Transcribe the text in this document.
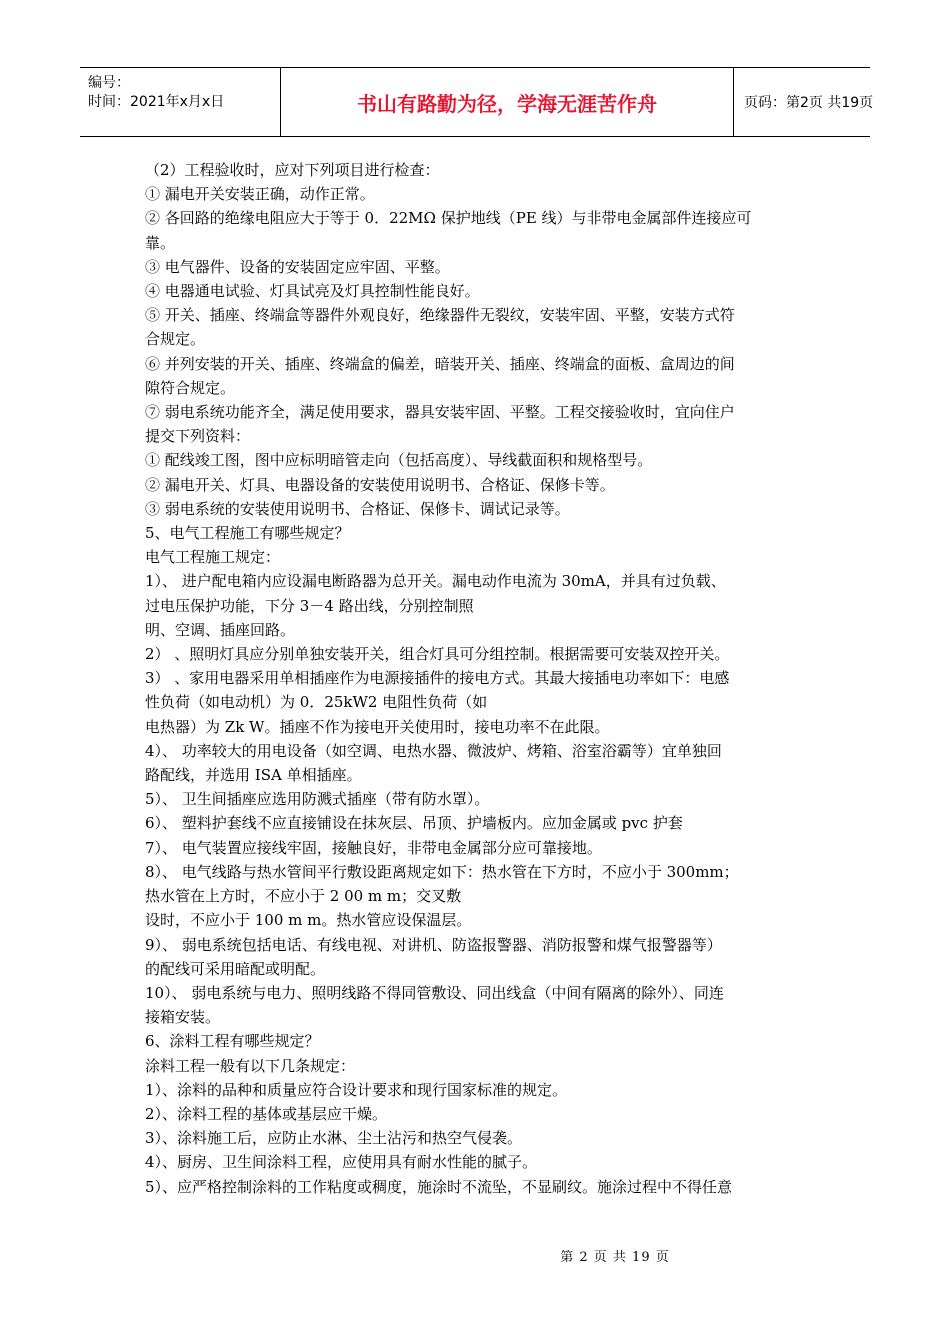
编号：
时间：2021年x月x日	书山有路勤为径，学海无涯苦作舟	页码：第2页 共19页

（2）工程验收时，应对下列项目进行检查：

① 漏电开关安装正确，动作正常。

② 各回路的绝缘电阻应大于等于 0．22MΩ 保护地线（PE 线）与非带电金属部件连接应可

靠。

③ 电气器件、设备的安装固定应牢固、平整。

④ 电器通电试验、灯具试亮及灯具控制性能良好。

⑤ 开关、插座、终端盒等器件外观良好，绝缘器件无裂纹，安装牢固、平整，安装方式符

合规定。

⑥ 并列安装的开关、插座、终端盒的偏差，暗装开关、插座、终端盒的面板、盒周边的间

隙符合规定。

⑦ 弱电系统功能齐全，满足使用要求，器具安装牢固、平整。工程交接验收时，宜向住户

提交下列资料：

① 配线竣工图，图中应标明暗管走向（包括高度）、导线截面积和规格型号。

② 漏电开关、灯具、电器设备的安装使用说明书、合格证、保修卡等。

③ 弱电系统的安装使用说明书、合格证、保修卡、调试记录等。

5、电气工程施工有哪些规定？

电气工程施工规定：

1）、 进户配电箱内应设漏电断路器为总开关。漏电动作电流为 30mA，并具有过负载、

过电压保护功能，下分 3－4 路出线，分别控制照

明、空调、插座回路。

2） 、照明灯具应分别单独安装开关，组合灯具可分组控制。根据需要可安装双控开关。

3） 、家用电器采用单相插座作为电源接插件的接电方式。其最大接插电功率如下：电感

性负荷（如电动机）为 0．25kW2 电阻性负荷（如

电热器）为 Zk W。插座不作为接电开关使用时，接电功率不在此限。

4）、 功率较大的用电设备（如空调、电热水器、微波炉、烤箱、浴室浴霸等）宜单独回

路配线，并选用 ISA 单相插座。

5）、 卫生间插座应选用防溅式插座（带有防水罩）。

6）、 塑料护套线不应直接铺设在抹灰层、吊顶、护墙板内。应加金属或 pvc 护套

7）、 电气装置应接线牢固，接触良好，非带电金属部分应可靠接地。

8）、 电气线路与热水管间平行敷设距离规定如下：热水管在下方时，不应小于 300mm；

热水管在上方时，不应小于 2 00 m m；交叉敷

设时，不应小于 100 m m。热水管应设保温层。

9）、 弱电系统包括电话、有线电视、对讲机、防盗报警器、消防报警和煤气报警器等）

的配线可采用暗配或明配。

10）、 弱电系统与电力、照明线路不得同管敷设、同出线盒（中间有隔离的除外）、同连

接箱安装。

6、涂料工程有哪些规定？

涂料工程一般有以下几条规定：

1）、涂料的品种和质量应符合设计要求和现行国家标准的规定。

2）、涂料工程的基体或基层应干燥。

3）、涂料施工后，应防止水淋、尘土沾污和热空气侵袭。

4）、厨房、卫生间涂料工程，应使用具有耐水性能的腻子。

5）、应严格控制涂料的工作粘度或稠度，施涂时不流坠，不显刷纹。施涂过程中不得任意

第 2 页 共 19 页
